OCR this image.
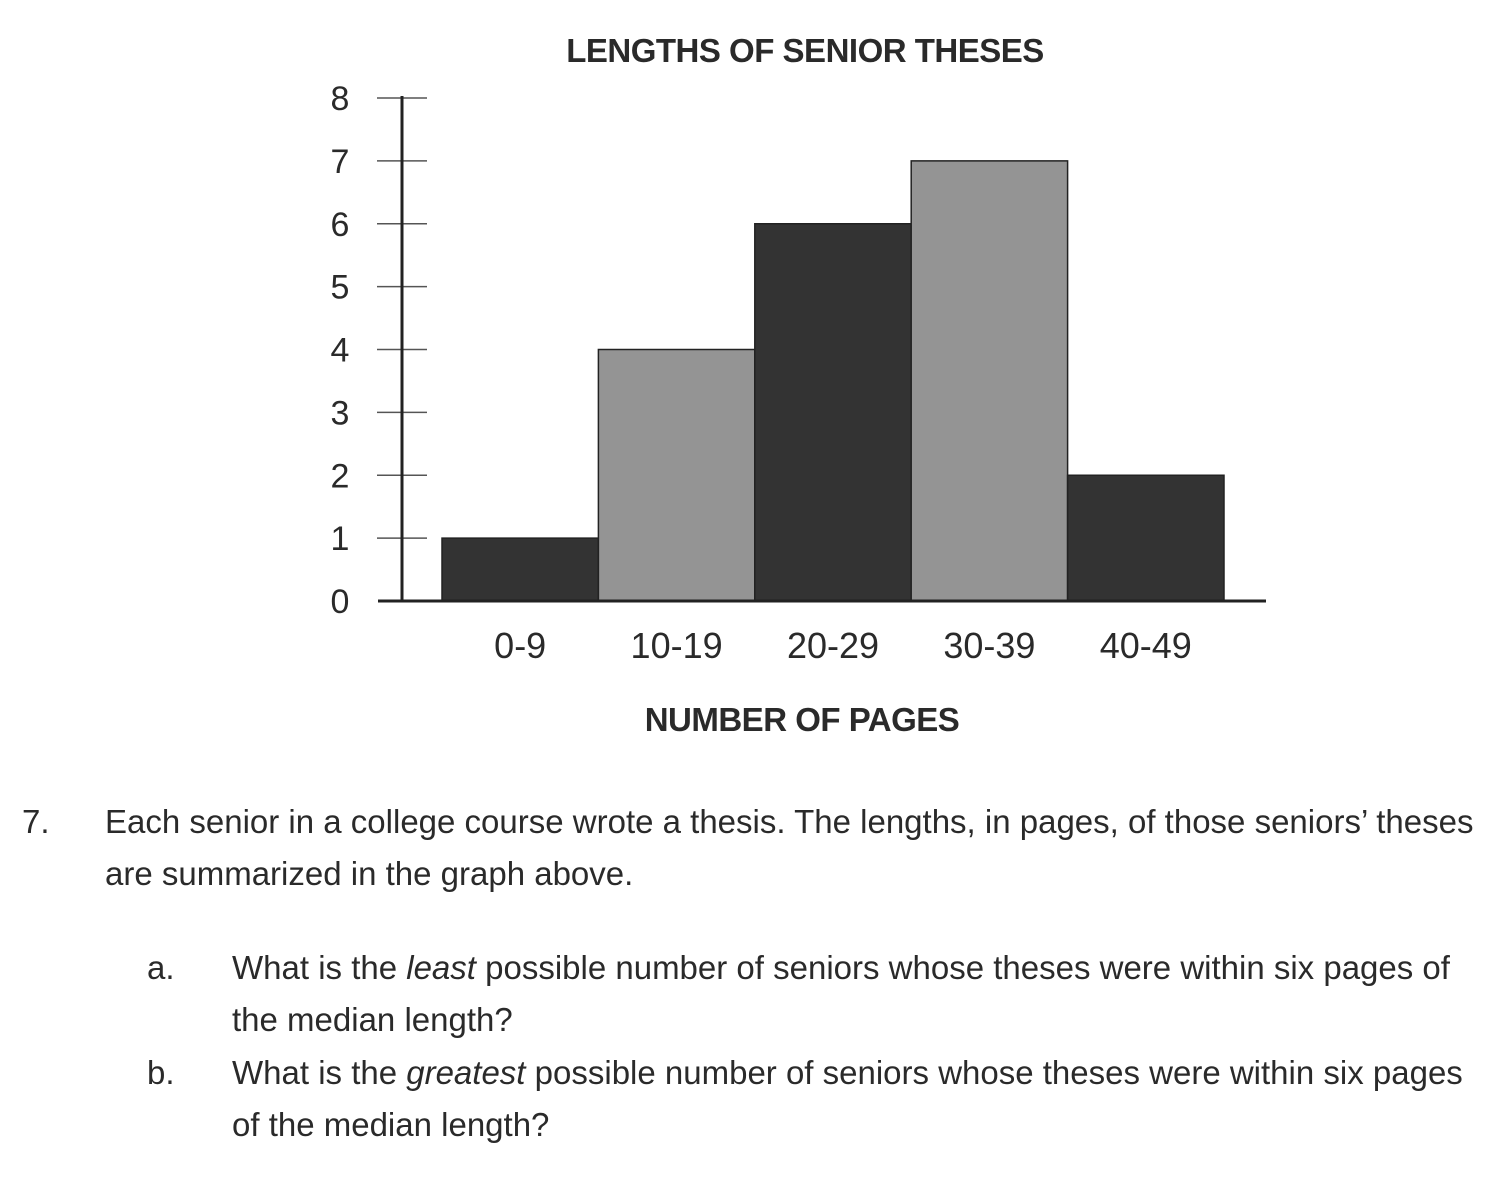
LENGTHS OF SENIOR THESES
0
1
2
3
4
5
6
7
8
0-9 10-19 20-29 30-39 40-49
NUMBER OF PAGES
7. Each senior in a college course wrote a thesis. The lengths, in pages, of those seniors’ theses are summarized in the graph above.
a. What is the least possible number of seniors whose theses were within six pages of the median length?
b. What is the greatest possible number of seniors whose theses were within six pages of the median length?
